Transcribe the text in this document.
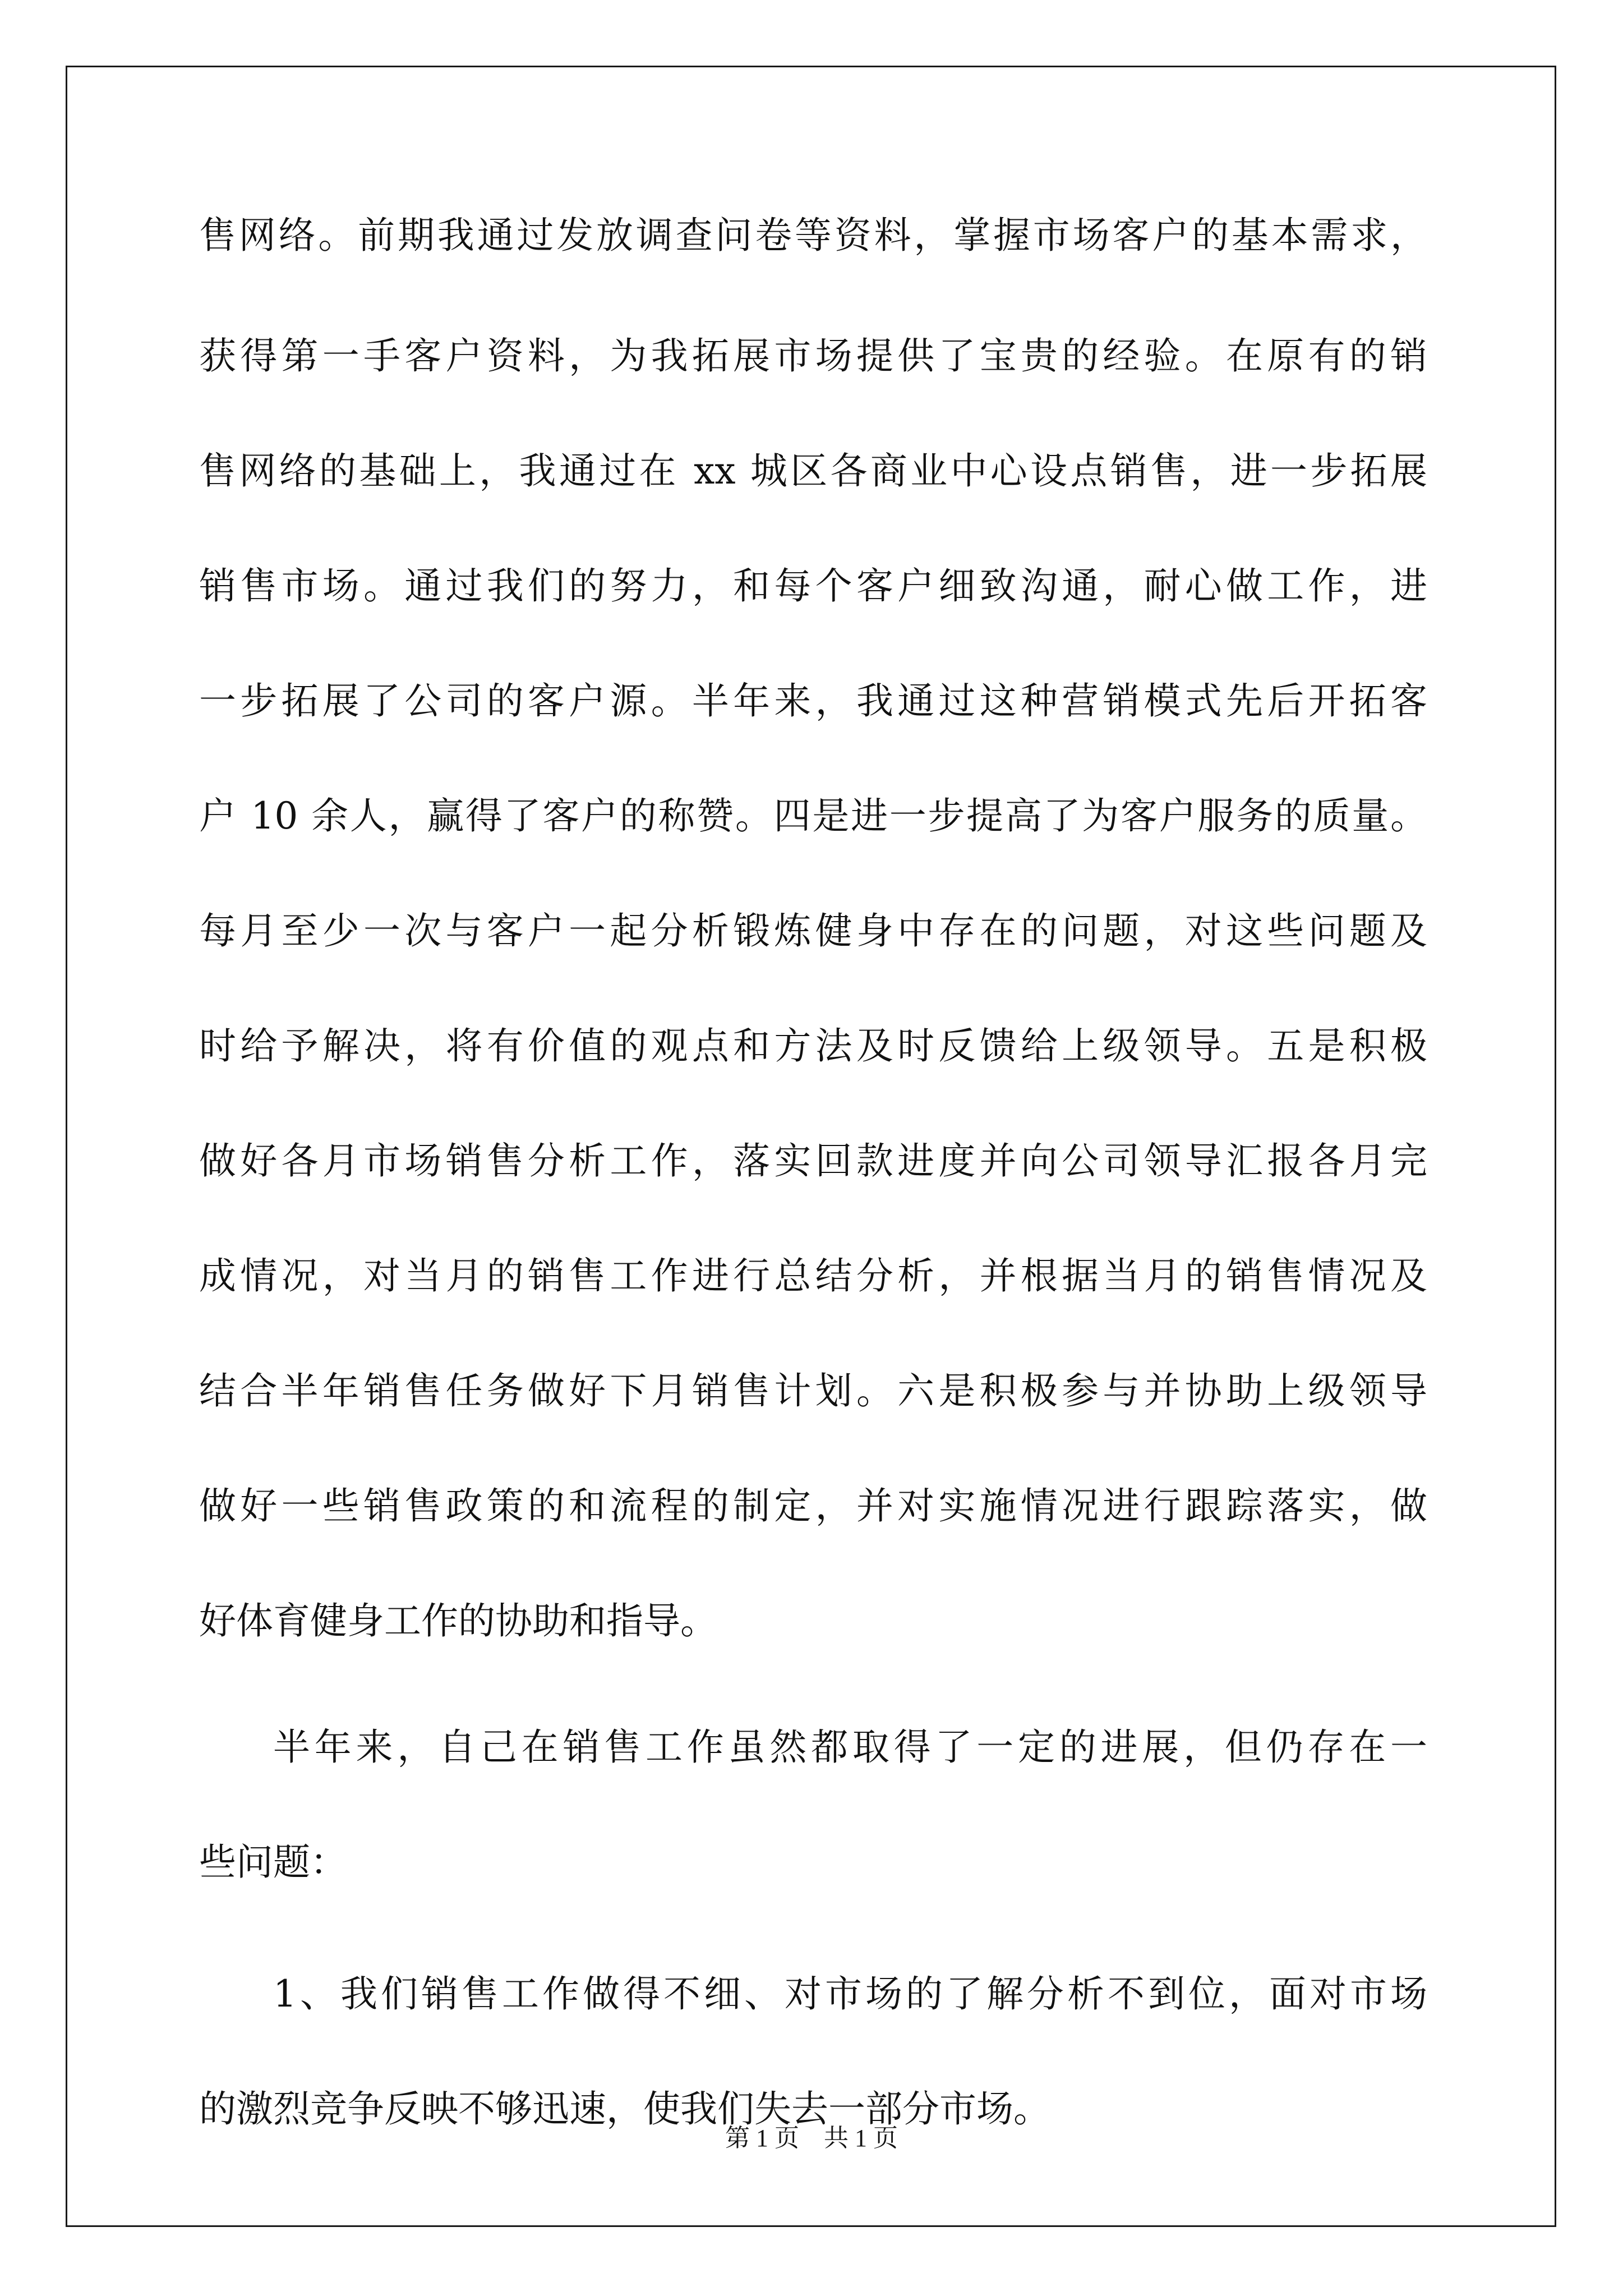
售网络。前期我通过发放调查问卷等资料，掌握市场客户的基本需求，
获得第一手客户资料，为我拓展市场提供了宝贵的经验。在原有的销
售网络的基础上，我通过在 xx 城区各商业中心设点销售，进一步拓展
销售市场。通过我们的努力，和每个客户细致沟通，耐心做工作，进
一步拓展了公司的客户源。半年来，我通过这种营销模式先后开拓客
户 10 余人，赢得了客户的称赞。四是进一步提高了为客户服务的质量。
每月至少一次与客户一起分析锻炼健身中存在的问题，对这些问题及
时给予解决，将有价值的观点和方法及时反馈给上级领导。五是积极
做好各月市场销售分析工作，落实回款进度并向公司领导汇报各月完
成情况，对当月的销售工作进行总结分析，并根据当月的销售情况及
结合半年销售任务做好下月销售计划。六是积极参与并协助上级领导
做好一些销售政策的和流程的制定，并对实施情况进行跟踪落实，做
好体育健身工作的协助和指导。
半年来，自己在销售工作虽然都取得了一定的进展，但仍存在一
些问题：
1、我们销售工作做得不细、对市场的了解分析不到位，面对市场
的激烈竞争反映不够迅速，使我们失去一部分市场。
第 1 页　共 1 页
